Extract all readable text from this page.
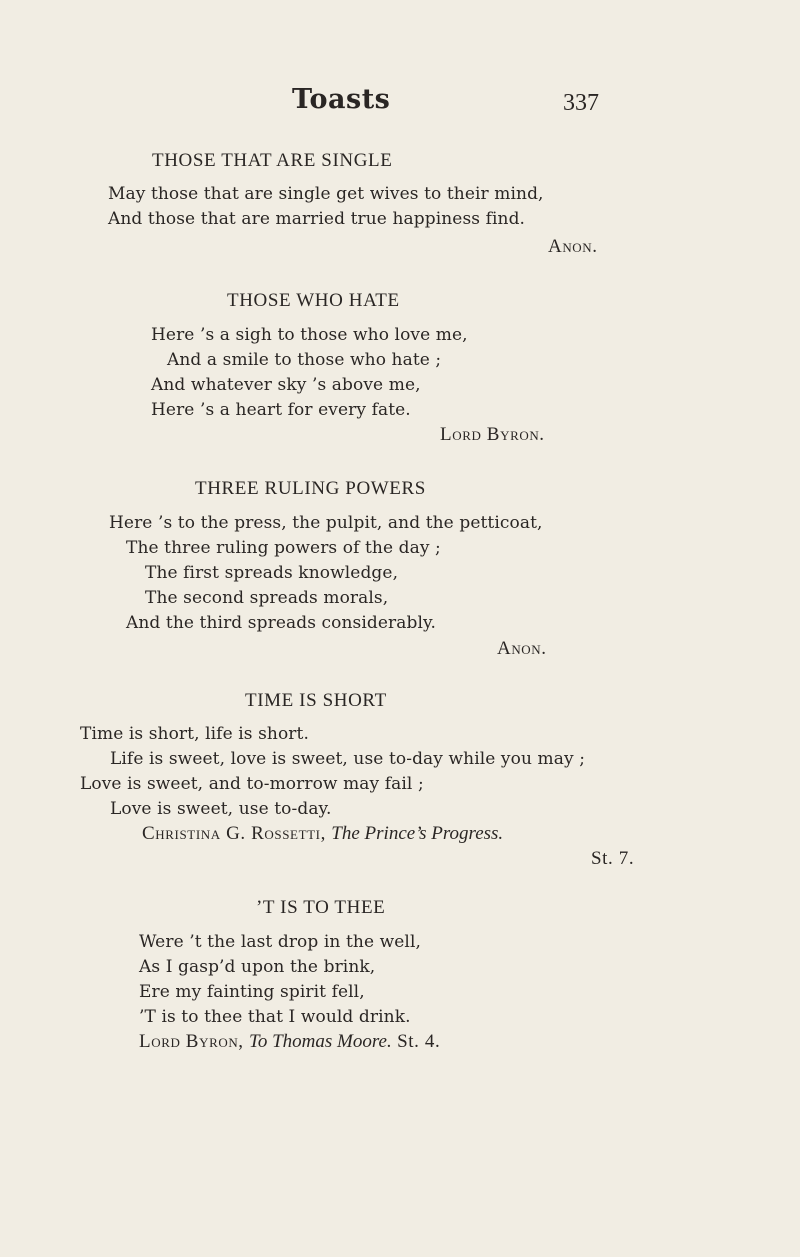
Toasts	337
THOSE THAT ARE SINGLE
May those that are single get wives to their mind,
And those that are married true happiness find.
Anon.
THOSE WHO HATE
Here ’s a sigh to those who love me,
And a smile to those who hate ;
And whatever sky ’s above me,
Here ’s a heart for every fate.
Lord Byron.
THREE RULING POWERS
Here ’s to the press, the pulpit, and the petticoat,
The three ruling powers of the day ;
The first spreads knowledge,
The second spreads morals,
And the third spreads considerably.
Anon.
TIME IS SHORT
Time is short, life is short.
Life is sweet, love is sweet, use to-day while you may ;
Love is sweet, and to-morrow may fail ;
Love is sweet, use to-day.
Christina G. Rossetti, The Prince’s Progress.
St. 7.
’T IS TO THEE
Were ’t the last drop in the well,
As I gasp’d upon the brink,
Ere my fainting spirit fell,
’T is to thee that I would drink.
Lord Byron, To Thomas Moore. St. 4.
